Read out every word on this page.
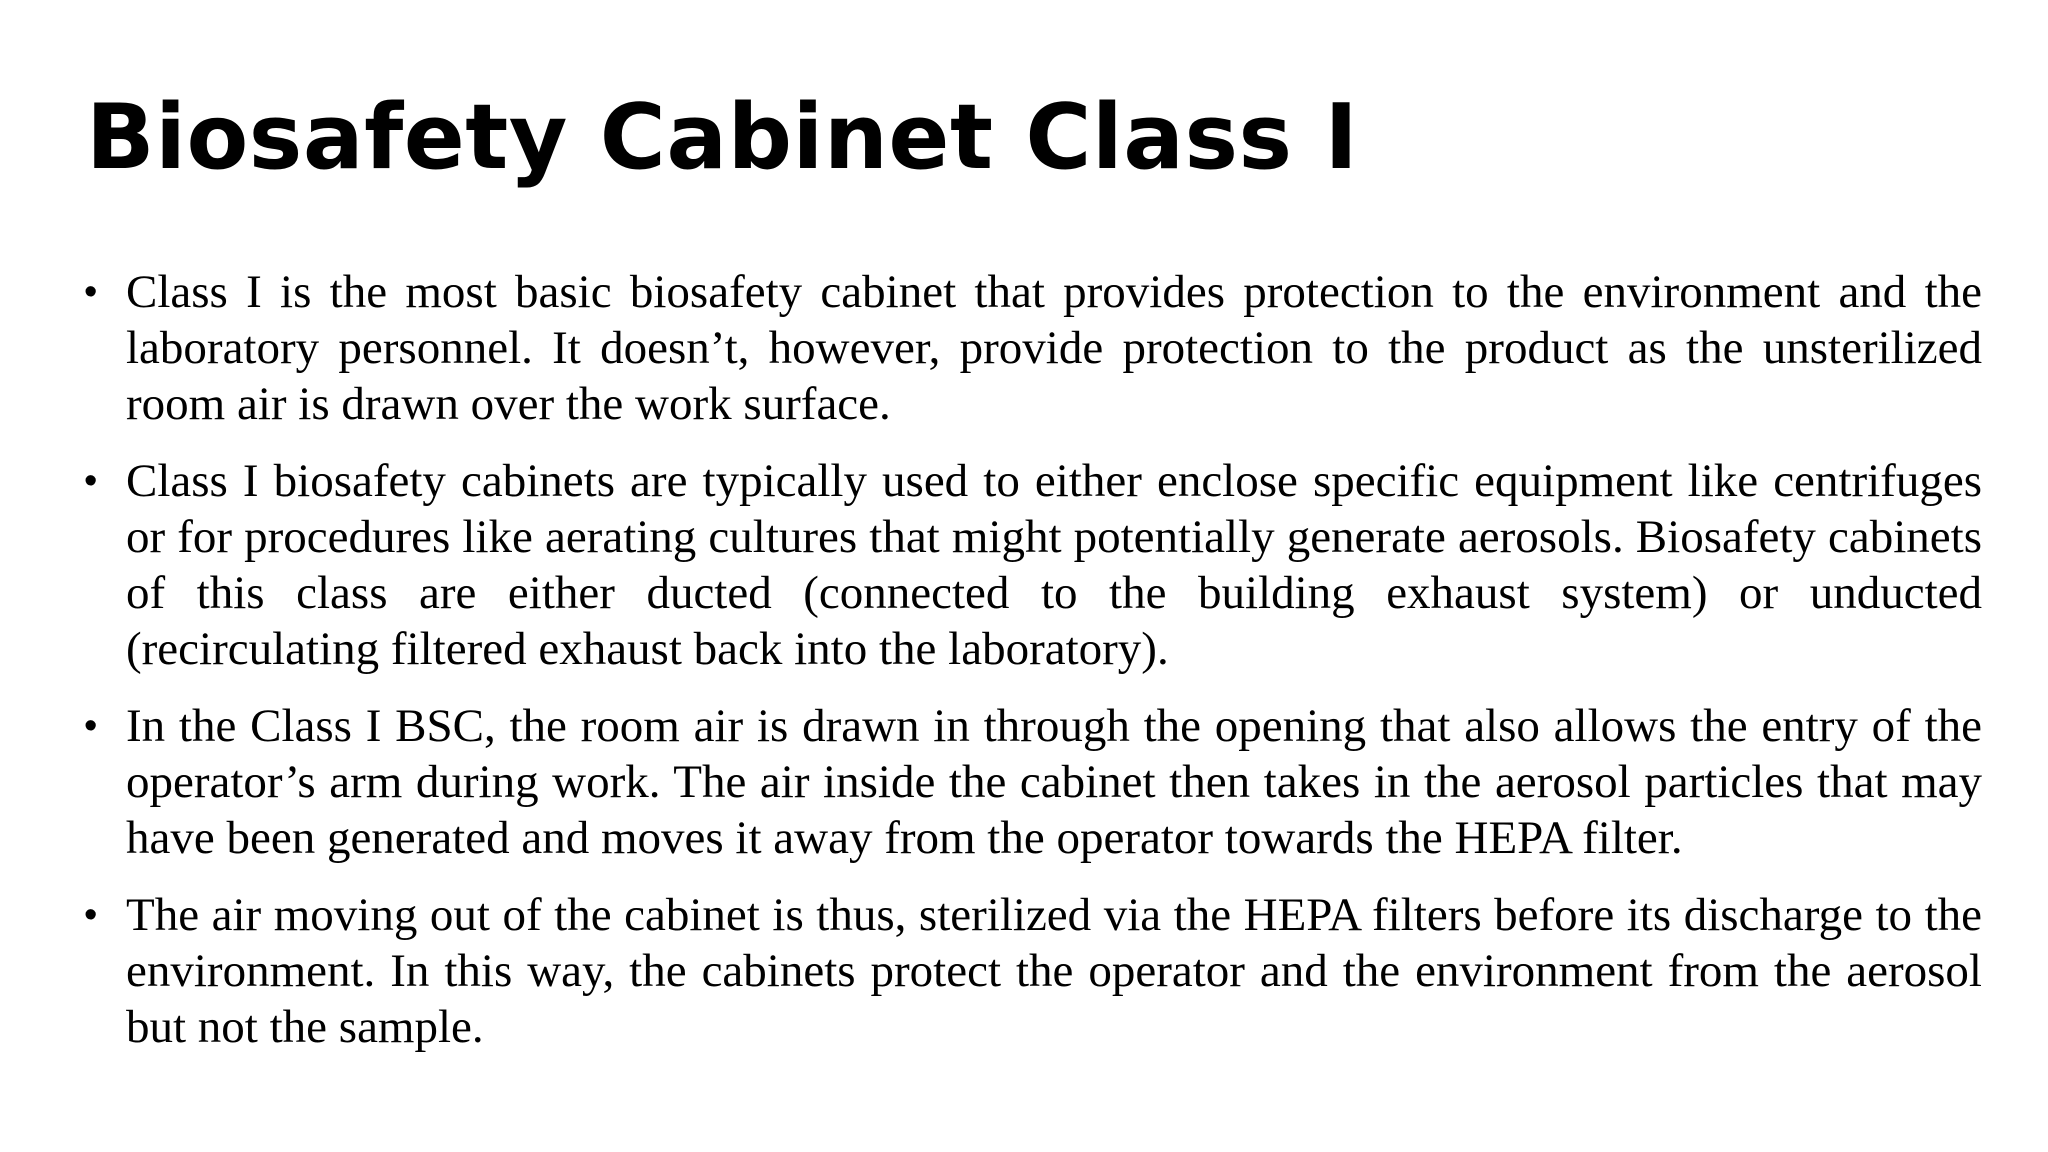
Biosafety Cabinet Class I
• Class I is the most basic biosafety cabinet that provides protection to the environment and the laboratory personnel. It doesn’t, however, provide protection to the product as the unsterilized room air is drawn over the work surface.
• Class I biosafety cabinets are typically used to either enclose specific equipment like centrifuges or for procedures like aerating cultures that might potentially generate aerosols. Biosafety cabinets of this class are either ducted (connected to the building exhaust system) or unducted (recirculating filtered exhaust back into the laboratory).
• In the Class I BSC, the room air is drawn in through the opening that also allows the entry of the operator’s arm during work. The air inside the cabinet then takes in the aerosol particles that may have been generated and moves it away from the operator towards the HEPA filter.
• The air moving out of the cabinet is thus, sterilized via the HEPA filters before its discharge to the environment. In this way, the cabinets protect the operator and the environment from the aerosol but not the sample.
